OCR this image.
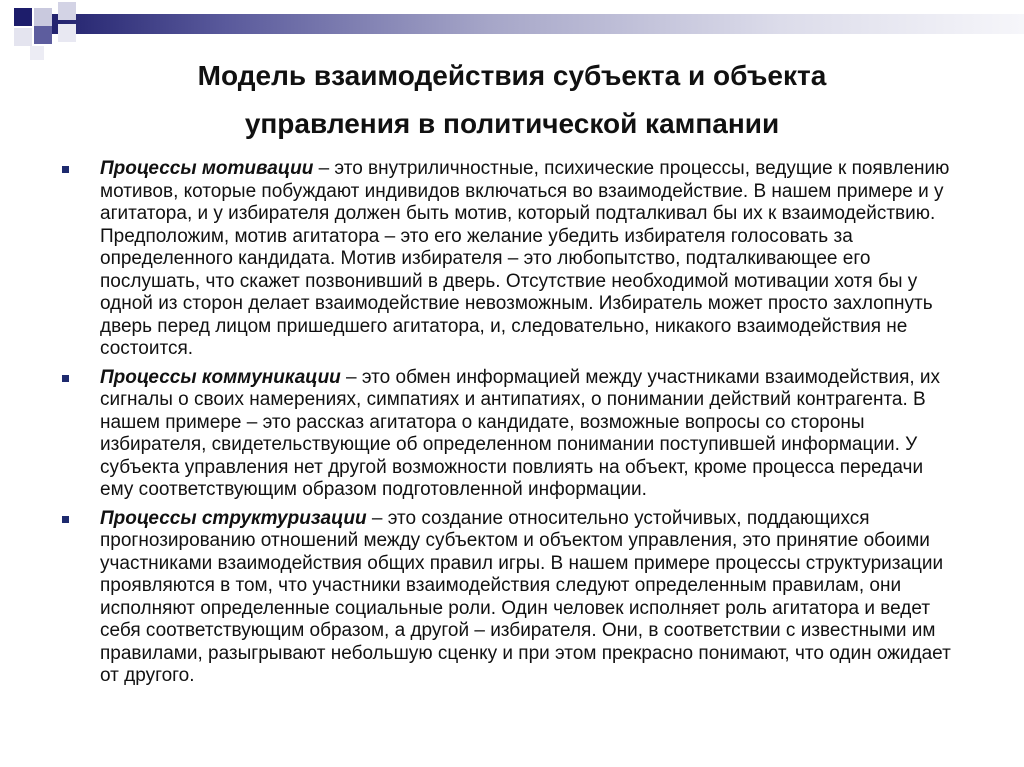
Модель взаимодействия субъекта и объекта
управления в политической кампании
Процессы мотивации – это внутриличностные, психические процессы, ведущие к появлению мотивов, которые побуждают индивидов включаться во взаимодействие. В нашем примере и у агитатора, и у избирателя должен быть мотив, который подталкивал бы их к взаимодействию. Предположим, мотив агитатора – это его желание убедить избирателя голосовать за определенного кандидата. Мотив избирателя – это любопытство, подталкивающее его послушать, что скажет позвонивший в дверь. Отсутствие необходимой мотивации хотя бы у одной из сторон делает взаимодействие невозможным. Избиратель может просто захлопнуть дверь перед лицом пришедшего агитатора, и, следовательно, никакого взаимодействия не состоится.
Процессы коммуникации – это обмен информацией между участниками взаимодействия, их сигналы о своих намерениях, симпатиях и антипатиях, о понимании действий контрагента. В нашем примере – это рассказ агитатора о кандидате, возможные вопросы со стороны избирателя, свидетельствующие об определенном понимании поступившей информации. У субъекта управления нет другой возможности повлиять на объект, кроме процесса передачи ему соответствующим образом подготовленной информации.
Процессы структуризации – это создание относительно устойчивых, поддающихся прогнозированию отношений между субъектом и объектом управления, это принятие обоими участниками взаимодействия общих правил игры. В нашем примере процессы структуризации проявляются в том, что участники взаимодействия следуют определенным правилам, они исполняют определенные социальные роли. Один человек исполняет роль агитатора и ведет себя соответствующим образом, а другой – избирателя. Они, в соответствии с известными им правилами, разыгрывают небольшую сценку и при этом прекрасно понимают, что один ожидает от другого.
